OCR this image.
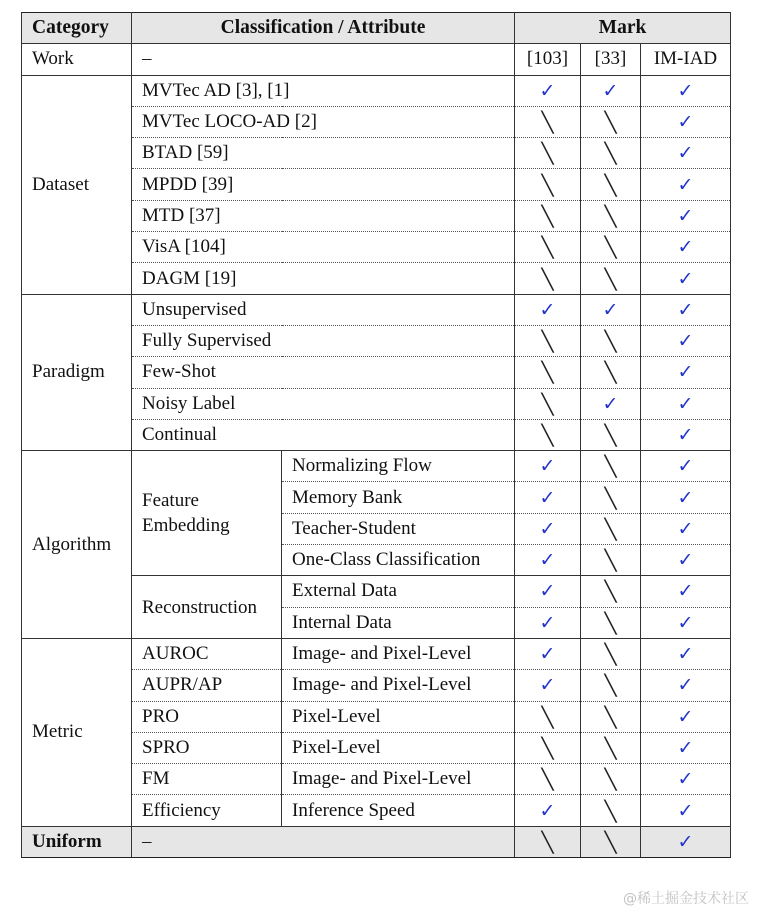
Category	Classification / Attribute		Mark		
Work	–		[103]	[33]	IM-IAD
Dataset	MVTec AD [3], [1]		✓	✓	✓
	MVTec LOCO-AD [2]		╲	╲	✓
	BTAD [59]		╲	╲	✓
	MPDD [39]		╲	╲	✓
	MTD [37]		╲	╲	✓
	VisA [104]		╲	╲	✓
	DAGM [19]		╲	╲	✓
Paradigm	Unsupervised		✓	✓	✓
	Fully Supervised		╲	╲	✓
	Few-Shot		╲	╲	✓
	Noisy Label		╲	✓	✓
	Continual		╲	╲	✓
Algorithm	Feature Embedding	Normalizing Flow	✓	╲	✓
		Memory Bank	✓	╲	✓
		Teacher-Student	✓	╲	✓
		One-Class Classification	✓	╲	✓
	Reconstruction	External Data	✓	╲	✓
		Internal Data	✓	╲	✓
Metric	AUROC	Image- and Pixel-Level	✓	╲	✓
	AUPR/AP	Image- and Pixel-Level	✓	╲	✓
	PRO	Pixel-Level	╲	╲	✓
	SPRO	Pixel-Level	╲	╲	✓
	FM	Image- and Pixel-Level	╲	╲	✓
	Efficiency	Inference Speed	✓	╲	✓
Uniform	–		╲	╲	✓
@稀土掘金技术社区
